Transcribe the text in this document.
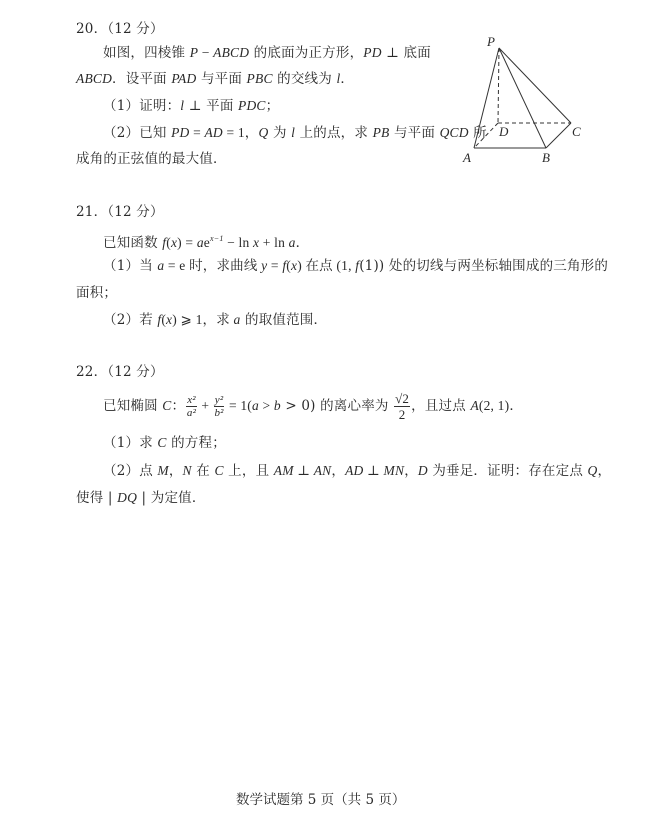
20．（12 分）
如图，四棱锥 P − ABCD 的底面为正方形，PD ⊥ 底面
ABCD．设平面 PAD 与平面 PBC 的交线为 l．
（1）证明：l ⊥ 平面 PDC；
（2）已知 PD = AD = 1，Q 为 l 上的点，求 PB 与平面 QCD 所
成角的正弦值的最大值．
P
D	C
A	B
21．（12 分）
已知函数 $f(x) = ae^{x-1} - \ln x + \ln a$．
（1）当 a = e 时，求曲线 y = f(x) 在点 (1, f(1)) 处的切线与两坐标轴围成的三角形的
面积；
（2）若 f(x) ⩾ 1，求 a 的取值范围．
22．（12 分）
已知椭圆 C： $\frac{\text{x²}}{\text{a²}} + \frac{\text{y²}}{\text{b²}} = 1(a > b > 0)$ 的离心率为 $\frac{√2}{2}$ ，且过点 A(2, 1)．
（1）求 C 的方程；
（2）点 M，N 在 C 上，且 AM ⊥ AN，AD ⊥ MN，D 为垂足．证明：存在定点 Q，
使得 | DQ | 为定值．
数学试题第 5 页（共 5 页）
